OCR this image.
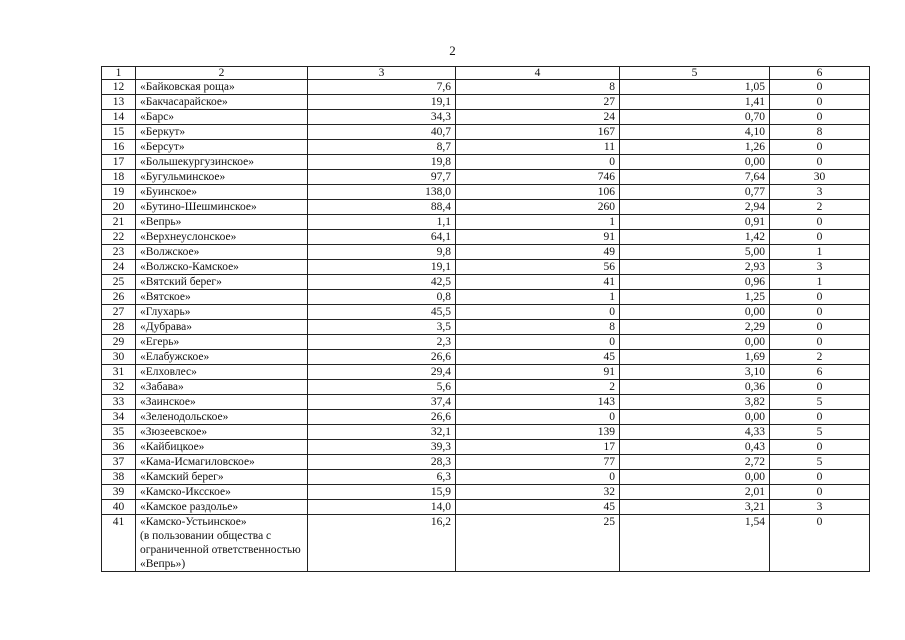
2
1	2	3	4	5	6
12	«Байковская роща»	7,6	8	1,05	0
13	«Бакчасарайское»	19,1	27	1,41	0
14	«Барс»	34,3	24	0,70	0
15	«Беркут»	40,7	167	4,10	8
16	«Берсут»	8,7	11	1,26	0
17	«Большекургузинское»	19,8	0	0,00	0
18	«Бугульминское»	97,7	746	7,64	30
19	«Буинское»	138,0	106	0,77	3
20	«Бутино-Шешминское»	88,4	260	2,94	2
21	«Вепрь»	1,1	1	0,91	0
22	«Верхнеуслонское»	64,1	91	1,42	0
23	«Волжское»	9,8	49	5,00	1
24	«Волжско-Камское»	19,1	56	2,93	3
25	«Вятский берег»	42,5	41	0,96	1
26	«Вятское»	0,8	1	1,25	0
27	«Глухарь»	45,5	0	0,00	0
28	«Дубрава»	3,5	8	2,29	0
29	«Егерь»	2,3	0	0,00	0
30	«Елабужское»	26,6	45	1,69	2
31	«Елховлес»	29,4	91	3,10	6
32	«Забава»	5,6	2	0,36	0
33	«Заинское»	37,4	143	3,82	5
34	«Зеленодольское»	26,6	0	0,00	0
35	«Зюзеевское»	32,1	139	4,33	5
36	«Кайбицкое»	39,3	17	0,43	0
37	«Кама-Исмагиловское»	28,3	77	2,72	5
38	«Камский берег»	6,3	0	0,00	0
39	«Камско-Иксское»	15,9	32	2,01	0
40	«Камское раздолье»	14,0	45	3,21	3
41	«Камско-Устьинское»
(в пользовании общества с ограниченной ответственностью «Вепрь»)	16,2	25	1,54	0
